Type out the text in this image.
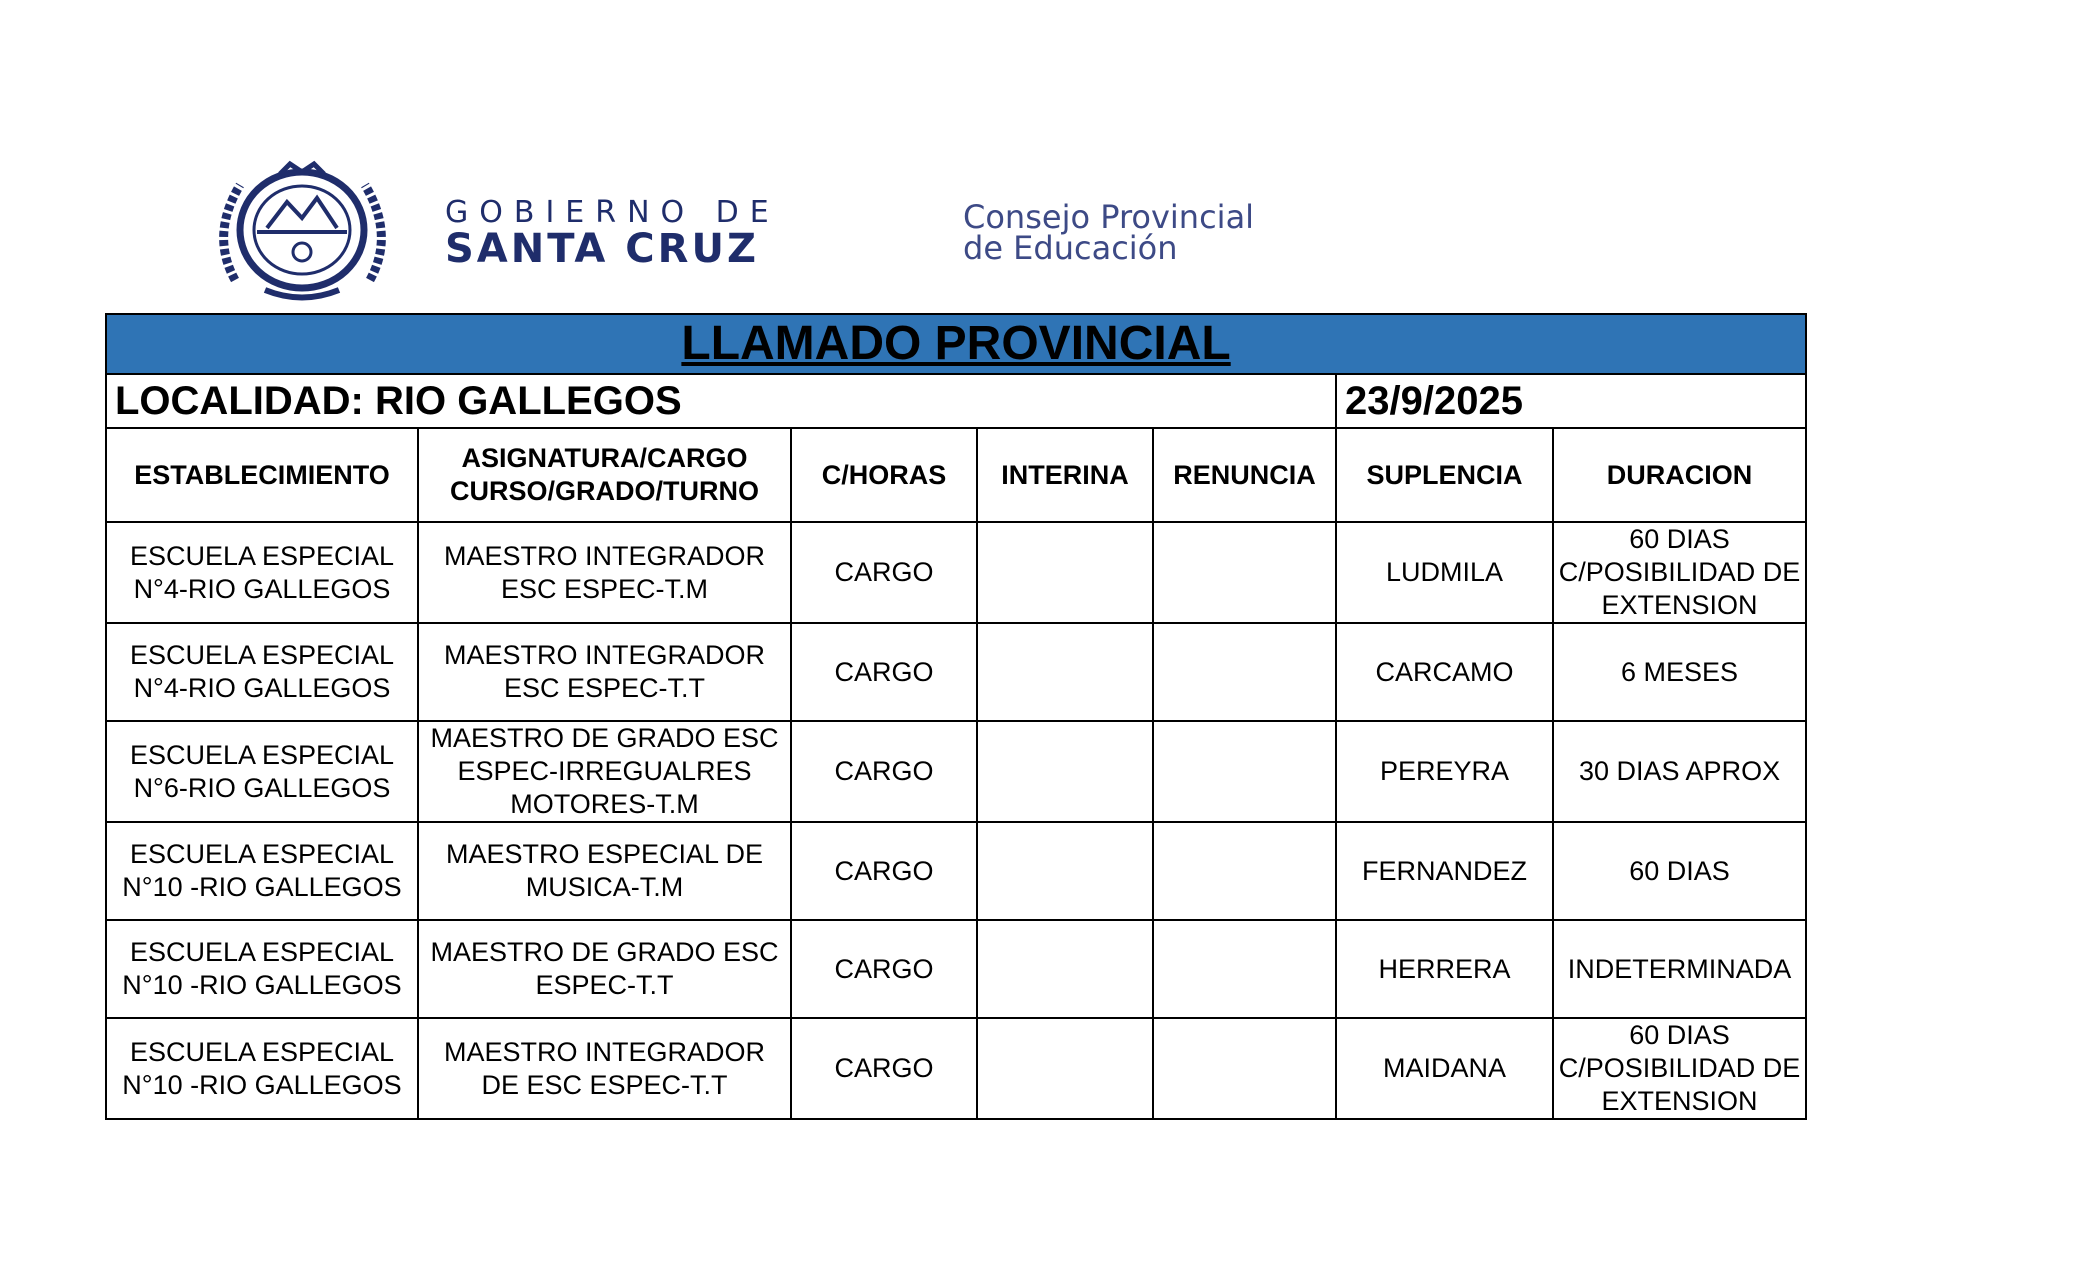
GOBIERNO DE
SANTA CRUZ
Consejo Provincial
de Educación
LLAMADO PROVINCIAL						
LOCALIDAD: RIO GALLEGOS					23/9/2025	
ESTABLECIMIENTO	ASIGNATURA/CARGO CURSO/GRADO/TURNO	C/HORAS	INTERINA	RENUNCIA	SUPLENCIA	DURACION
ESCUELA ESPECIAL N°4-RIO GALLEGOS	MAESTRO INTEGRADOR ESC ESPEC-T.M	CARGO			LUDMILA	60 DIAS C/POSIBILIDAD DE EXTENSION
ESCUELA ESPECIAL N°4-RIO GALLEGOS	MAESTRO INTEGRADOR ESC ESPEC-T.T	CARGO			CARCAMO	6 MESES
ESCUELA ESPECIAL N°6-RIO GALLEGOS	MAESTRO DE GRADO ESC ESPEC-IRREGUALRES MOTORES-T.M	CARGO			PEREYRA	30 DIAS APROX
ESCUELA ESPECIAL N°10 -RIO GALLEGOS	MAESTRO ESPECIAL DE MUSICA-T.M	CARGO			FERNANDEZ	60 DIAS
ESCUELA ESPECIAL N°10 -RIO GALLEGOS	MAESTRO DE GRADO ESC ESPEC-T.T	CARGO			HERRERA	INDETERMINADA
ESCUELA ESPECIAL N°10 -RIO GALLEGOS	MAESTRO INTEGRADOR DE ESC ESPEC-T.T	CARGO			MAIDANA	60 DIAS C/POSIBILIDAD DE EXTENSION
